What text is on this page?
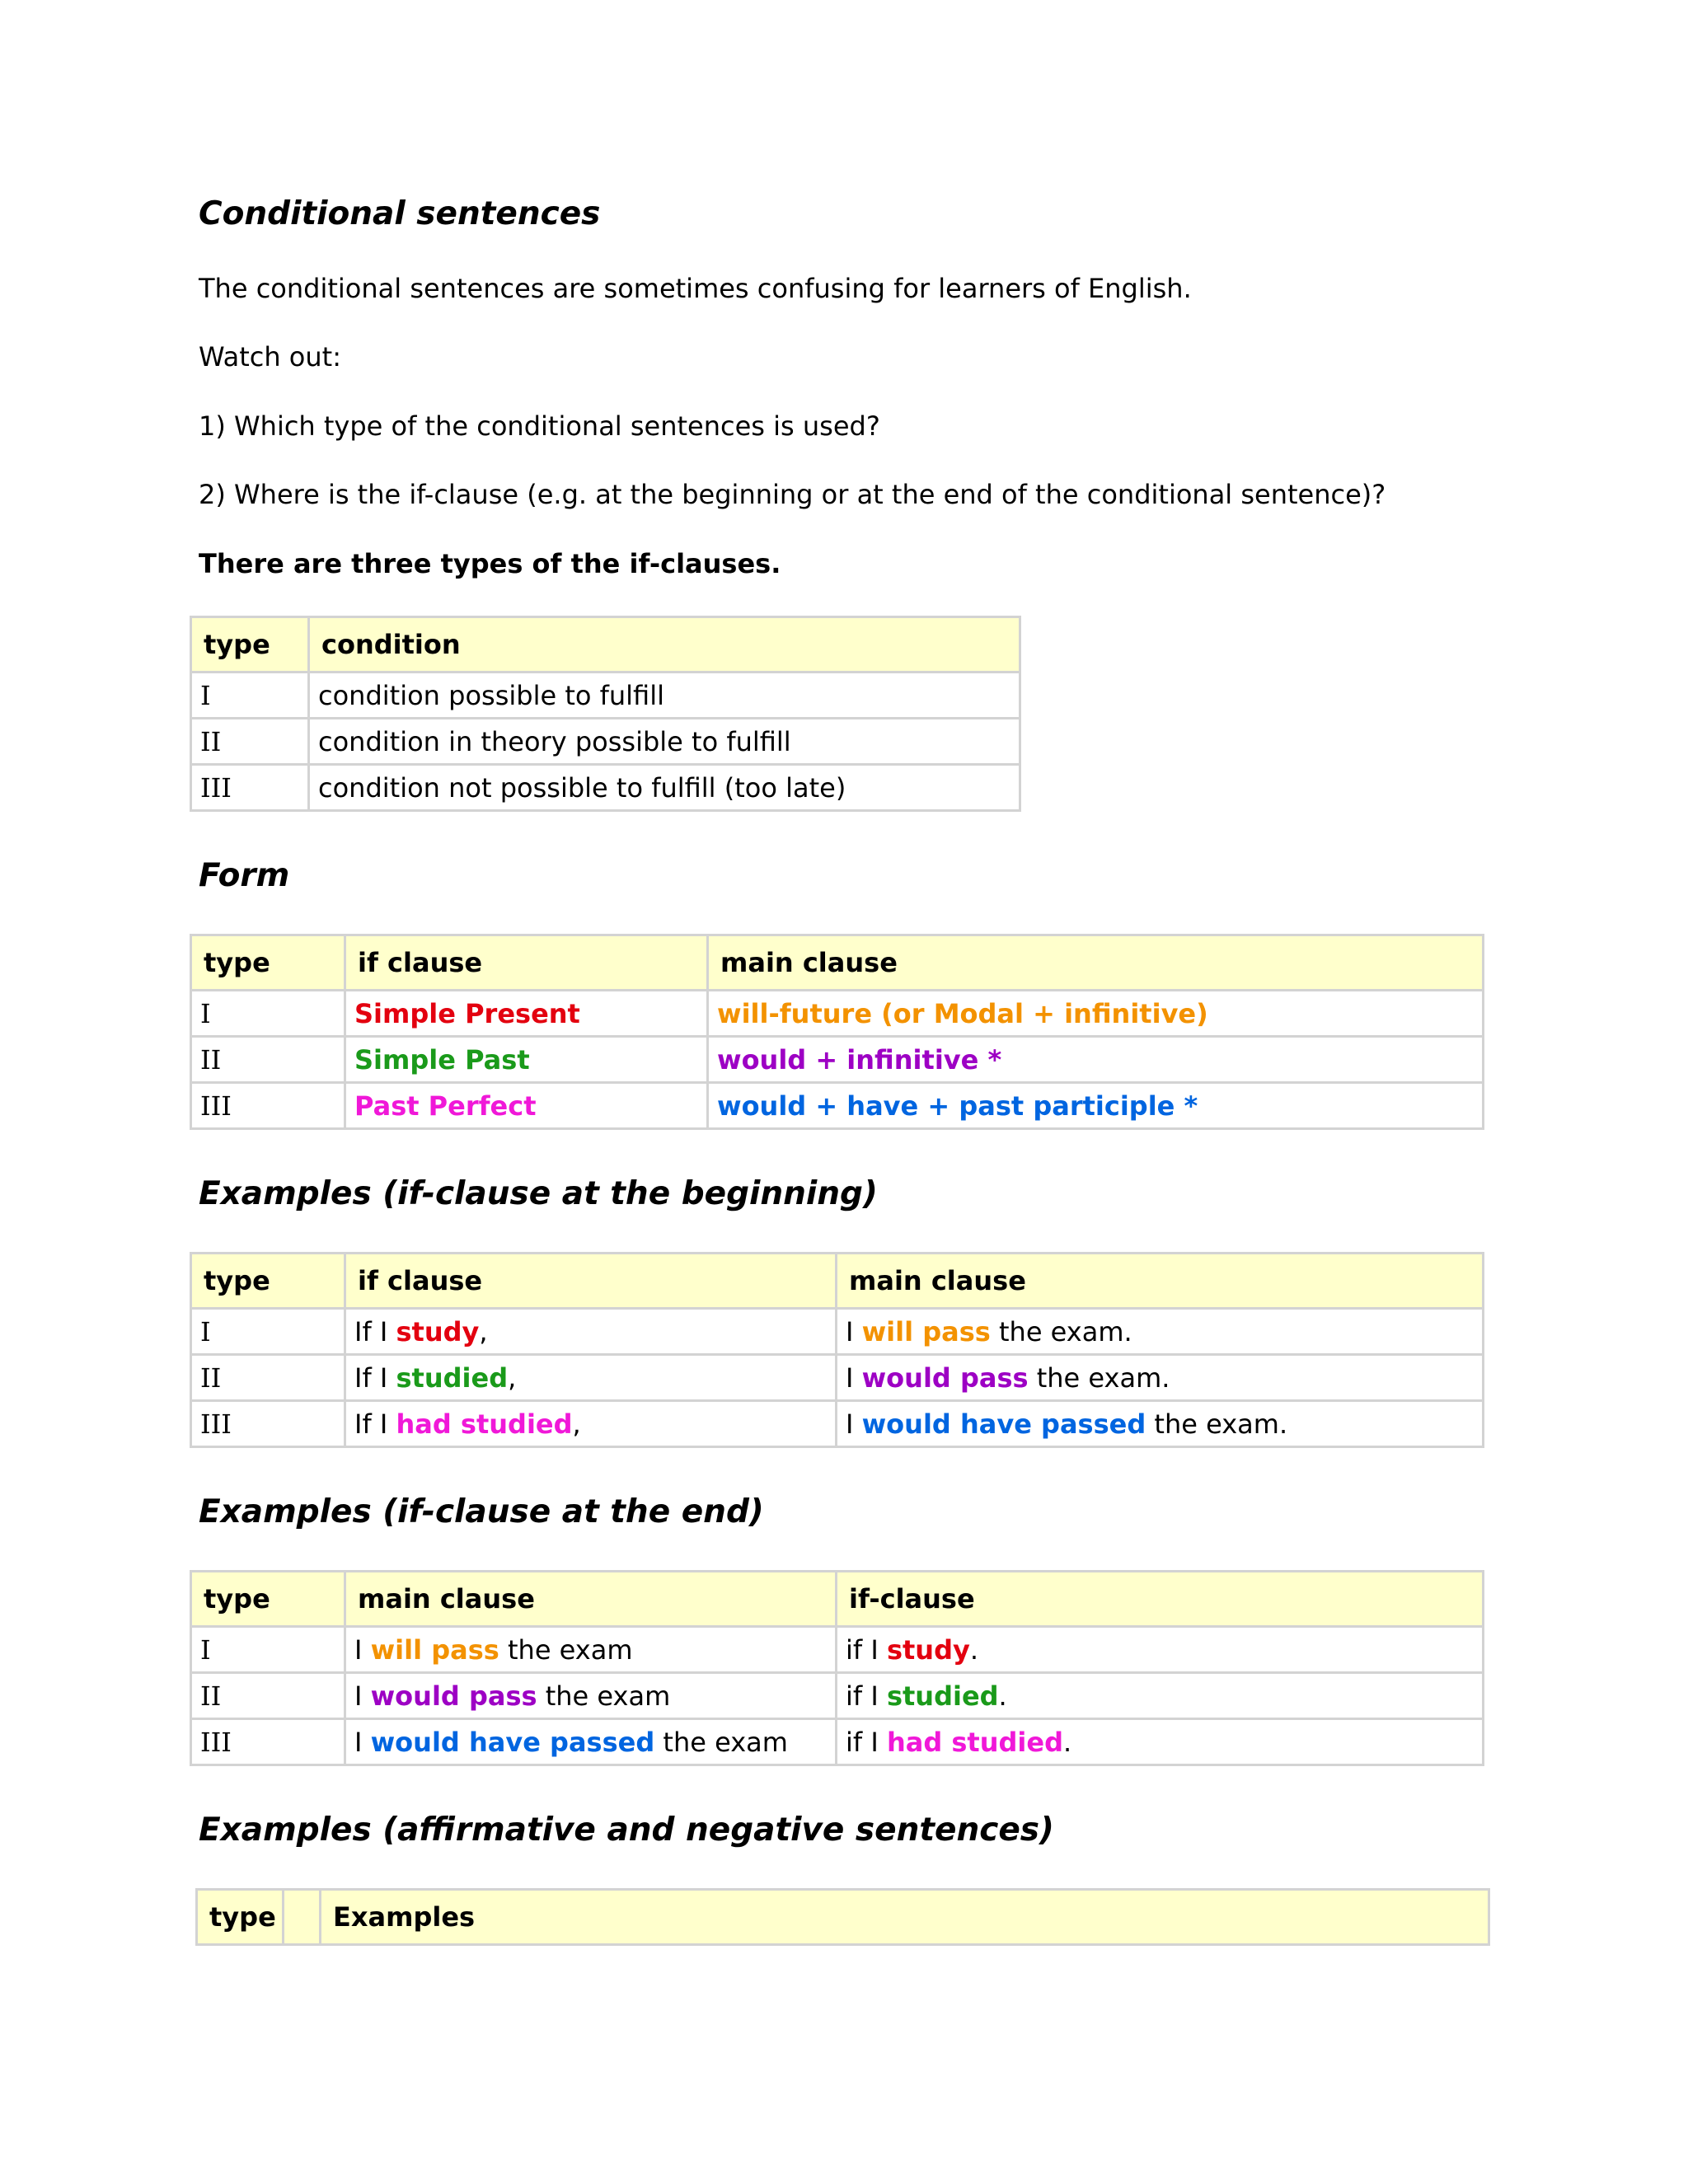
Conditional sentences

The conditional sentences are sometimes confusing for learners of English.

Watch out:

1) Which type of the conditional sentences is used?

2) Where is the if-clause (e.g. at the beginning or at the end of the conditional sentence)?

There are three types of the if-clauses.

type	condition
I	condition possible to fulfill
II	condition in theory possible to fulfill
III	condition not possible to fulfill (too late)
Form
type	if clause	main clause
I	Simple Present	will-future (or Modal + infinitive)
II	Simple Past	would + infinitive *
III	Past Perfect	would + have + past participle *
Examples (if-clause at the beginning)
type	if clause	main clause
I	If I study,	I will pass the exam.
II	If I studied,	I would pass the exam.
III	If I had studied,	I would have passed the exam.
Examples (if-clause at the end)
type	main clause	if-clause
I	I will pass the exam	if I study.
II	I would pass the exam	if I studied.
III	I would have passed the exam	if I had studied.
Examples (affirmative and negative sentences)
type		Examples
